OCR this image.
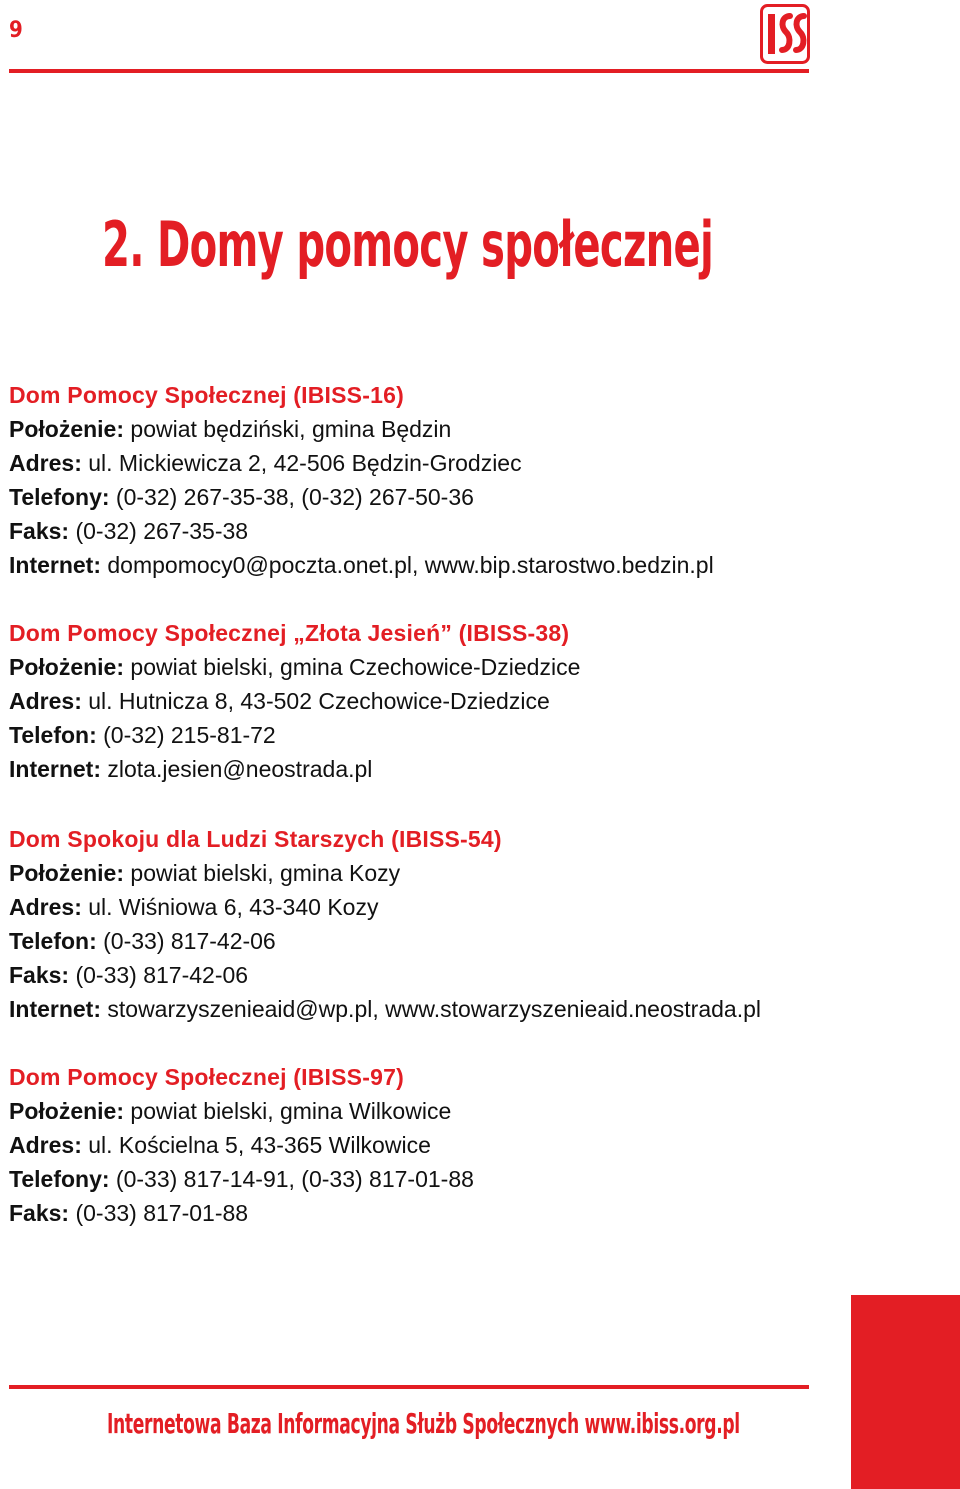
9
2. Domy pomocy społecznej
Dom Pomocy Społecznej (IBISS-16)
Położenie: powiat będziński, gmina Będzin
Adres: ul. Mickiewicza 2, 42-506 Będzin-Grodziec
Telefony: (0-32) 267-35-38, (0-32) 267-50-36
Faks: (0-32) 267-35-38
Internet: dompomocy0@poczta.onet.pl, www.bip.starostwo.bedzin.pl
Dom Pomocy Społecznej „Złota Jesień” (IBISS-38)
Położenie: powiat bielski, gmina Czechowice-Dziedzice
Adres: ul. Hutnicza 8, 43-502 Czechowice-Dziedzice
Telefon: (0-32) 215-81-72
Internet: zlota.jesien@neostrada.pl
Dom Spokoju dla Ludzi Starszych (IBISS-54)
Położenie: powiat bielski, gmina Kozy
Adres: ul. Wiśniowa 6, 43-340 Kozy
Telefon: (0-33) 817-42-06
Faks: (0-33) 817-42-06
Internet: stowarzyszenieaid@wp.pl, www.stowarzyszenieaid.neostrada.pl
Dom Pomocy Społecznej (IBISS-97)
Położenie: powiat bielski, gmina Wilkowice
Adres: ul. Kościelna 5, 43-365 Wilkowice
Telefony: (0-33) 817-14-91, (0-33) 817-01-88
Faks: (0-33) 817-01-88
Internetowa Baza Informacyjna Służb Społecznych www.ibiss.org.pl
